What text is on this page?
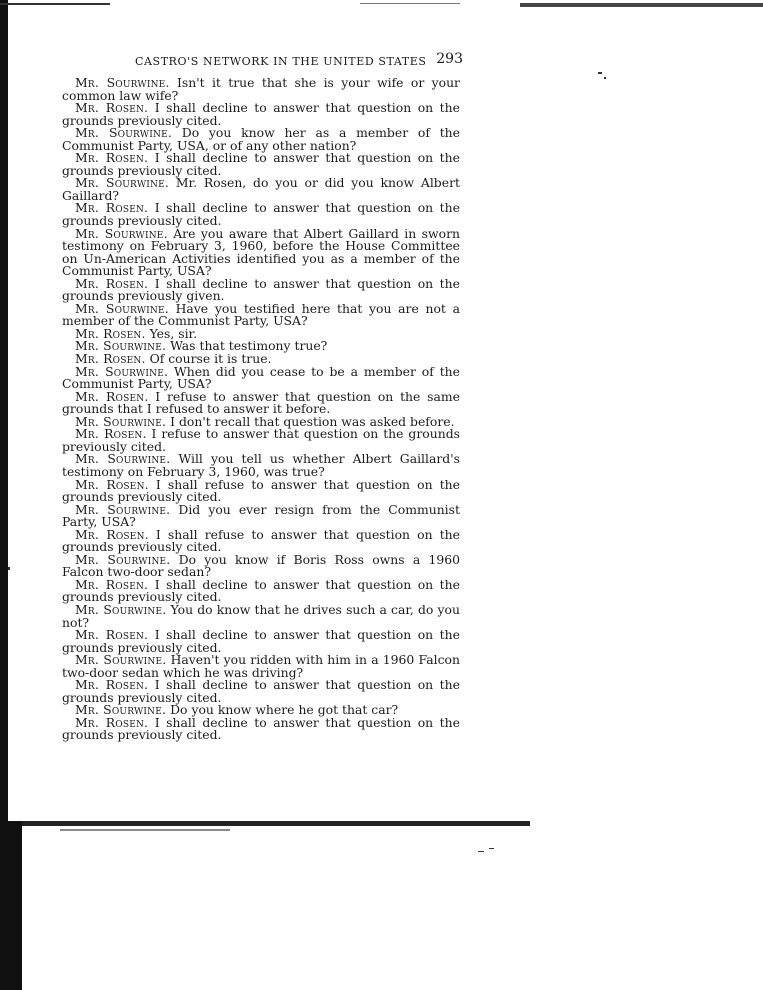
CASTRO'S NETWORK IN THE UNITED STATES 293

Mr. Sourwine. Isn't it true that she is your wife or your common law wife?

Mr. Rosen. I shall decline to answer that question on the grounds previously cited.

Mr. Sourwine. Do you know her as a member of the Communist Party, USA, or of any other nation?

Mr. Rosen. I shall decline to answer that question on the grounds previously cited.

Mr. Sourwine. Mr. Rosen, do you or did you know Albert Gaillard?

Mr. Rosen. I shall decline to answer that question on the grounds previously cited.

Mr. Sourwine. Are you aware that Albert Gaillard in sworn testimony on February 3, 1960, before the House Committee on Un-American Activities identified you as a member of the Communist Party, USA?

Mr. Rosen. I shall decline to answer that question on the grounds previously given.

Mr. Sourwine. Have you testified here that you are not a member of the Communist Party, USA?

Mr. Rosen. Yes, sir.

Mr. Sourwine. Was that testimony true?

Mr. Rosen. Of course it is true.

Mr. Sourwine. When did you cease to be a member of the Communist Party, USA?

Mr. Rosen. I refuse to answer that question on the same grounds that I refused to answer it before.

Mr. Sourwine. I don't recall that question was asked before.

Mr. Rosen. I refuse to answer that question on the grounds previously cited.

Mr. Sourwine. Will you tell us whether Albert Gaillard's testimony on February 3, 1960, was true?

Mr. Rosen. I shall refuse to answer that question on the grounds previously cited.

Mr. Sourwine. Did you ever resign from the Communist Party, USA?

Mr. Rosen. I shall refuse to answer that question on the grounds previously cited.

Mr. Sourwine. Do you know if Boris Ross owns a 1960 Falcon two-door sedan?

Mr. Rosen. I shall decline to answer that question on the grounds previously cited.

Mr. Sourwine. You do know that he drives such a car, do you not?

Mr. Rosen. I shall decline to answer that question on the grounds previously cited.

Mr. Sourwine. Haven't you ridden with him in a 1960 Falcon two-door sedan which he was driving?

Mr. Rosen. I shall decline to answer that question on the grounds previously cited.

Mr. Sourwine. Do you know where he got that car?

Mr. Rosen. I shall decline to answer that question on the grounds previously cited.
